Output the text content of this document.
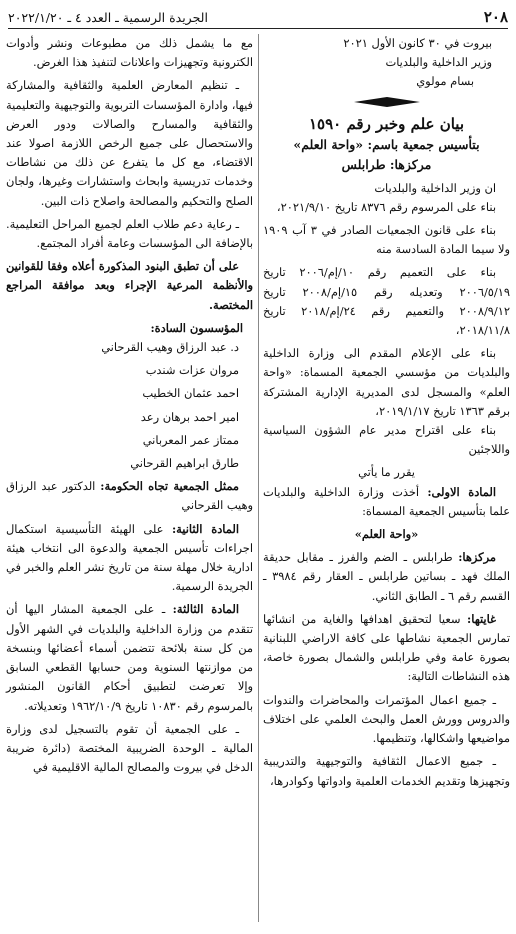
٢٠٨
الجريدة الرسمية ـ العدد ٤ ـ ٢٠٢٢/١/٢٠

بيروت في ٣٠ كانون الأول ٢٠٢١

وزير الداخلية والبلديات

بسام مولوي

بيان علم وخبر رقم ١٥٩٠

بتأسيس جمعية باسم: «واحة العلم»

مركزها: طرابلس

ان وزير الداخلية والبلديات

بناء على المرسوم رقم ٨٣٧٦ تاريخ ٢٠٢١/٩/١٠،

بناء على قانون الجمعيات الصادر في ٣ آب ١٩٠٩ ولا سيما المادة السادسة منه

بناء على التعميم رقم ١٠/إم/٢٠٠٦ تاريخ ٢٠٠٦/٥/١٩ وتعديله رقم ١٥/إم/٢٠٠٨ تاريخ ٢٠٠٨/٩/١٢ والتعميم رقم ٢٤/إم/٢٠١٨ تاريخ ٢٠١٨/١١/٨،

بناء على الإعلام المقدم الى وزارة الداخلية والبلديات من مؤسسي الجمعية المسماة: «واحة العلم» والمسجل لدى المديرية الإدارية المشتركة برقم ١٣٦٣ تاريخ ٢٠١٩/١/١٧،

بناء على اقتراح مدير عام الشؤون السياسية واللاجئين

يقرر ما يأتي

المادة الاولى: أخذت وزارة الداخلية والبلديات علما بتأسيس الجمعية المسماة:

«واحة العلم»

مركزها: طرابلس ـ الضم والفرز ـ مقابل حديقة الملك فهد ـ بساتين طرابلس ـ العقار رقم ٣٩٨٤ ـ القسم رقم ٦ ـ الطابق الثاني.

غايتها: سعيا لتحقيق اهدافها والغاية من انشائها تمارس الجمعية نشاطها على كافة الاراضي اللبنانية بصورة عامة وفي طرابلس والشمال بصورة خاصة، هذه النشاطات التالية:

ـ جميع اعمال المؤتمرات والمحاضرات والندوات والدروس وورش العمل والبحث العلمي على اختلاف مواضيعها واشكالها، وتنظيمها.

ـ جميع الاعمال الثقافية والتوجيهية والتدريبية وتجهيزها وتقديم الخدمات العلمية وادواتها وكوادرها،

مع ما يشمل ذلك من مطبوعات ونشر وأدوات الكترونية وتجهيزات واعلانات لتنفيذ هذا الغرض.

ـ تنظيم المعارض العلمية والثقافية والمشاركة فيها، وادارة المؤسسات التربوية والتوجيهية والتعليمية والثقافية والمسارح والصالات ودور العرض والاستحصال على جميع الرخص اللازمة اصولا عند الاقتضاء، مع كل ما يتفرع عن ذلك من نشاطات وخدمات تدريسية وابحاث واستشارات وغيرها، ولجان الصلح والتحكيم والمصالحة واصلاح ذات البين.

ـ رعاية دعم طلاب العلم لجميع المراحل التعليمية. بالإضافة الى المؤسسات وعامة أفراد المجتمع.

على أن تطبق البنود المذكورة أعلاه وفقا للقوانين والأنظمة المرعية الإجراء وبعد موافقة المراجع المختصة.

المؤسسون السادة:

د. عبد الرزاق وهيب القرحاني

مروان عزات شندب

احمد عثمان الخطيب

امير احمد برهان رعد

ممتاز عمر المعرباني

طارق ابراهيم القرحاني

ممثل الجمعية تجاه الحكومة: الدكتور عبد الرزاق وهيب القرحاني

المادة الثانية: على الهيئة التأسيسية استكمال اجراءات تأسيس الجمعية والدعوة الى انتخاب هيئة ادارية خلال مهلة سنة من تاريخ نشر العلم والخبر في الجريدة الرسمية.

المادة الثالثة: ـ على الجمعية المشار اليها أن تتقدم من وزارة الداخلية والبلديات في الشهر الأول من كل سنة بلائحة تتضمن أسماء أعضائها وبنسخة من موازنتها السنوية ومن حسابها القطعي السابق وإلا تعرضت لتطبيق أحكام القانون المنشور بالمرسوم رقم ١٠٨٣٠ تاريخ ١٩٦٢/١٠/٩ وتعديلاته.

ـ على الجمعية أن تقوم بالتسجيل لدى وزارة المالية ـ الوحدة الضريبية المختصة (دائرة ضريبة الدخل في بيروت والمصالح المالية الاقليمية في
